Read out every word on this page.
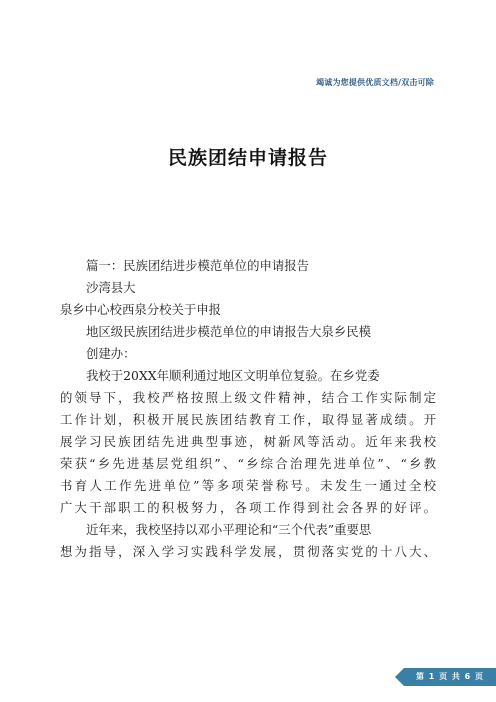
竭诚为您提供优质文档/双击可除
民族团结申请报告
篇一：民族团结进步模范单位的申请报告
沙湾县大
泉乡中心校西泉分校关于申报
地区级民族团结进步模范单位的申请报告大泉乡民模
创建办：
我校于20XX年顺利通过地区文明单位复验。在乡党委
的领导下，我校严格按照上级文件精神，结合工作实际制定
工作计划，积极开展民族团结教育工作，取得显著成绩。开
展学习民族团结先进典型事迹，树新风等活动。近年来我校
荣获“乡先进基层党组织”、“乡综合治理先进单位”、“乡教
书育人工作先进单位”等多项荣誉称号。未发生一通过全校
广大干部职工的积极努力，各项工作得到社会各界的好评。
近年来，我校坚持以邓小平理论和“三个代表”重要思
想为指导，深入学习实践科学发展，贯彻落实党的十八大、
第 1 页 共 6 页
